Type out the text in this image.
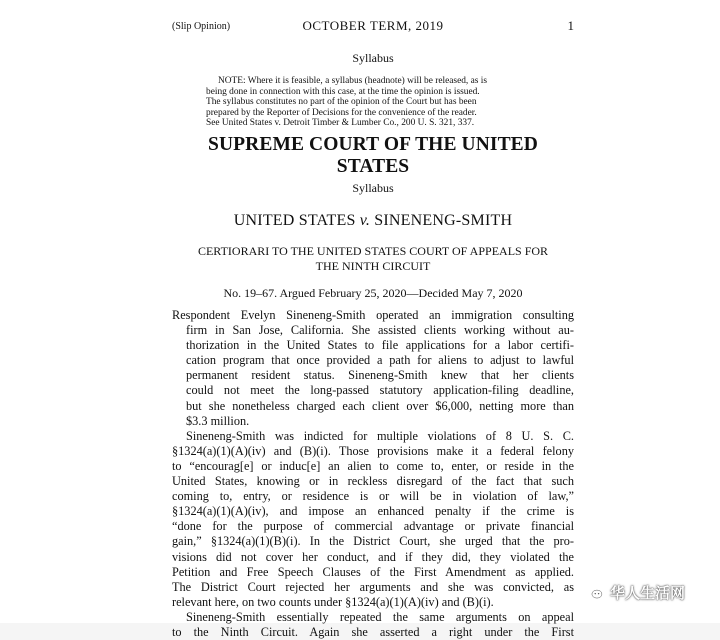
(Slip Opinion)	OCTOBER TERM, 2019	1
Syllabus
NOTE: Where it is feasible, a syllabus (headnote) will be released, as is
being done in connection with this case, at the time the opinion is issued.
The syllabus constitutes no part of the opinion of the Court but has been
prepared by the Reporter of Decisions for the convenience of the reader.
See United States v. Detroit Timber & Lumber Co., 200 U. S. 321, 337.
SUPREME COURT OF THE UNITED STATES
Syllabus
UNITED STATES v. SINENENG-SMITH
CERTIORARI TO THE UNITED STATES COURT OF APPEALS FOR
THE NINTH CIRCUIT
No. 19–67. Argued February 25, 2020—Decided May 7, 2020
Respondent Evelyn Sineneng-Smith operated an immigration consulting
firm in San Jose, California. She assisted clients working without au-
thorization in the United States to file applications for a labor certifi-
cation program that once provided a path for aliens to adjust to lawful
permanent resident status. Sineneng-Smith knew that her clients
could not meet the long-passed statutory application-filing deadline,
but she nonetheless charged each client over $6,000, netting more than
$3.3 million.
Sineneng-Smith was indicted for multiple violations of 8 U. S. C.
§1324(a)(1)(A)(iv) and (B)(i). Those provisions make it a federal felony
to “encourag[e] or induc[e] an alien to come to, enter, or reside in the
United States, knowing or in reckless disregard of the fact that such
coming to, entry, or residence is or will be in violation of law,”
§1324(a)(1)(A)(iv), and impose an enhanced penalty if the crime is
“done for the purpose of commercial advantage or private financial
gain,” §1324(a)(1)(B)(i). In the District Court, she urged that the pro-
visions did not cover her conduct, and if they did, they violated the
Petition and Free Speech Clauses of the First Amendment as applied.
The District Court rejected her arguments and she was convicted, as
relevant here, on two counts under §1324(a)(1)(A)(iv) and (B)(i).
Sineneng-Smith essentially repeated the same arguments on appeal
to the Ninth Circuit. Again she asserted a right under the First
华人生活网
